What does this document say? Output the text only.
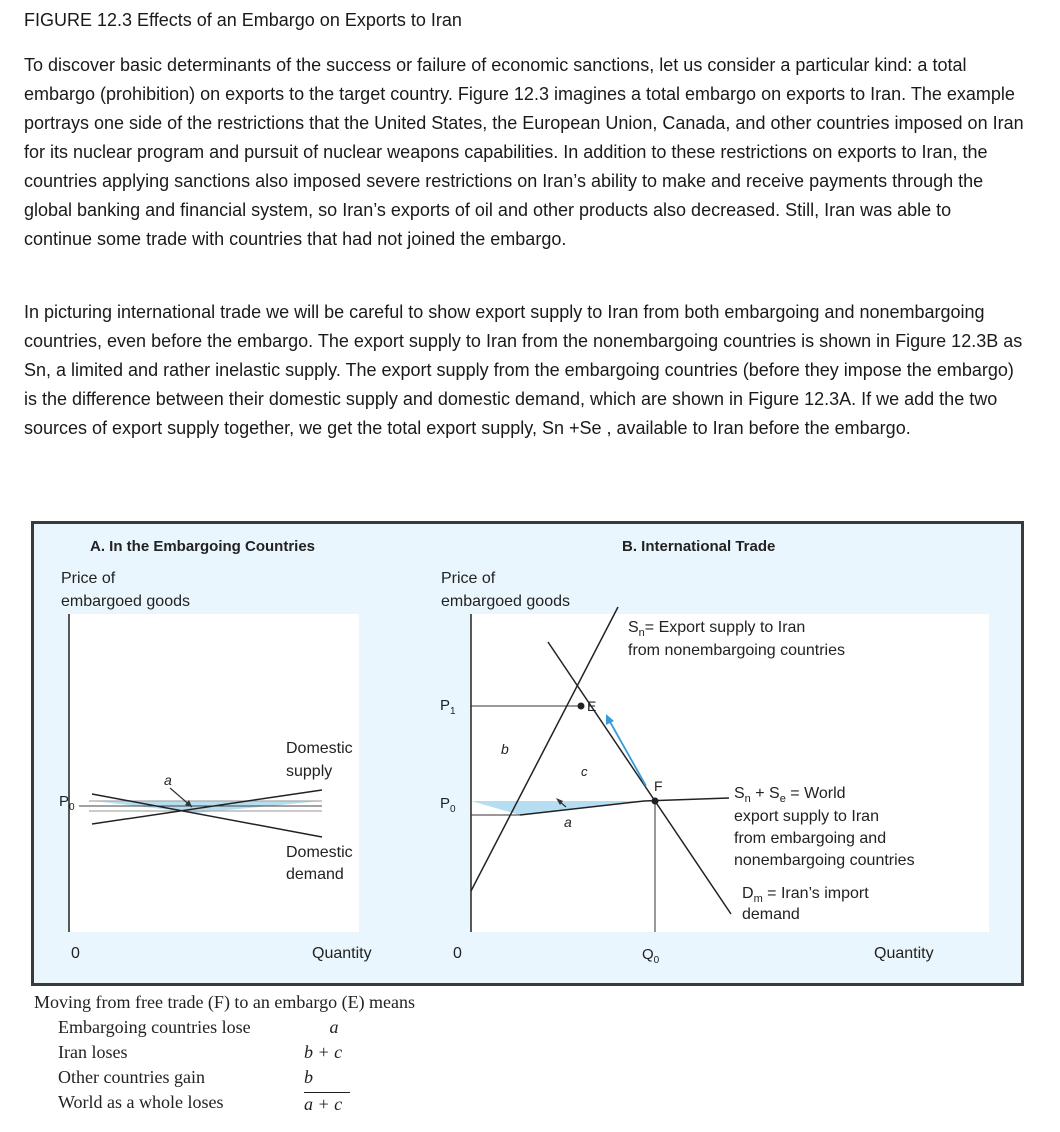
FIGURE 12.3 Effects of an Embargo on Exports to Iran

To discover basic determinants of the success or failure of economic sanctions, let us consider a particular kind: a total embargo (prohibition) on exports to the target country. Figure 12.3 imagines a total embargo on exports to Iran. The example portrays one side of the restrictions that the United States, the European Union, Canada, and other countries imposed on Iran for its nuclear program and pursuit of nuclear weapons capabilities. In addition to these restrictions on exports to Iran, the countries applying sanctions also imposed severe restrictions on Iran’s ability to make and receive payments through the global banking and financial system, so Iran’s exports of oil and other products also decreased. Still, Iran was able to continue some trade with countries that had not joined the embargo.

In picturing international trade we will be careful to show export supply to Iran from both embargoing and nonembargoing countries, even before the embargo. The export supply to Iran from the nonembargoing countries is shown in Figure 12.3B as Sn, a limited and rather inelastic supply. The export supply from the embargoing countries (before they impose the embargo) is the difference between their domestic supply and domestic demand, which are shown in Figure 12.3A. If we add the two sources of export supply together, we get the total export supply, Sn +Se , available to Iran before the embargo.

A. In the Embargoing Countries
Price of
embargoed goods
a
$P_0$
Domestic
supply
Domestic
demand
0	Quantity
B. International Trade
Price of
embargoed goods
a
b
c
E
F
$P_1$
$P_0$
$Q_0$
$S_n=$ Export supply to Iran
from nonembargoing countries
$S_n + S_e$ = World
export supply to Iran
from embargoing and
nonembargoing countries
$D_m$ = Iran’s import
demand
0	Quantity
Moving from free trade (F) to an embargo (E) means
Embargoing countries lose	a
Iran loses	b + c
Other countries gain	b
World as a whole loses	a + c
